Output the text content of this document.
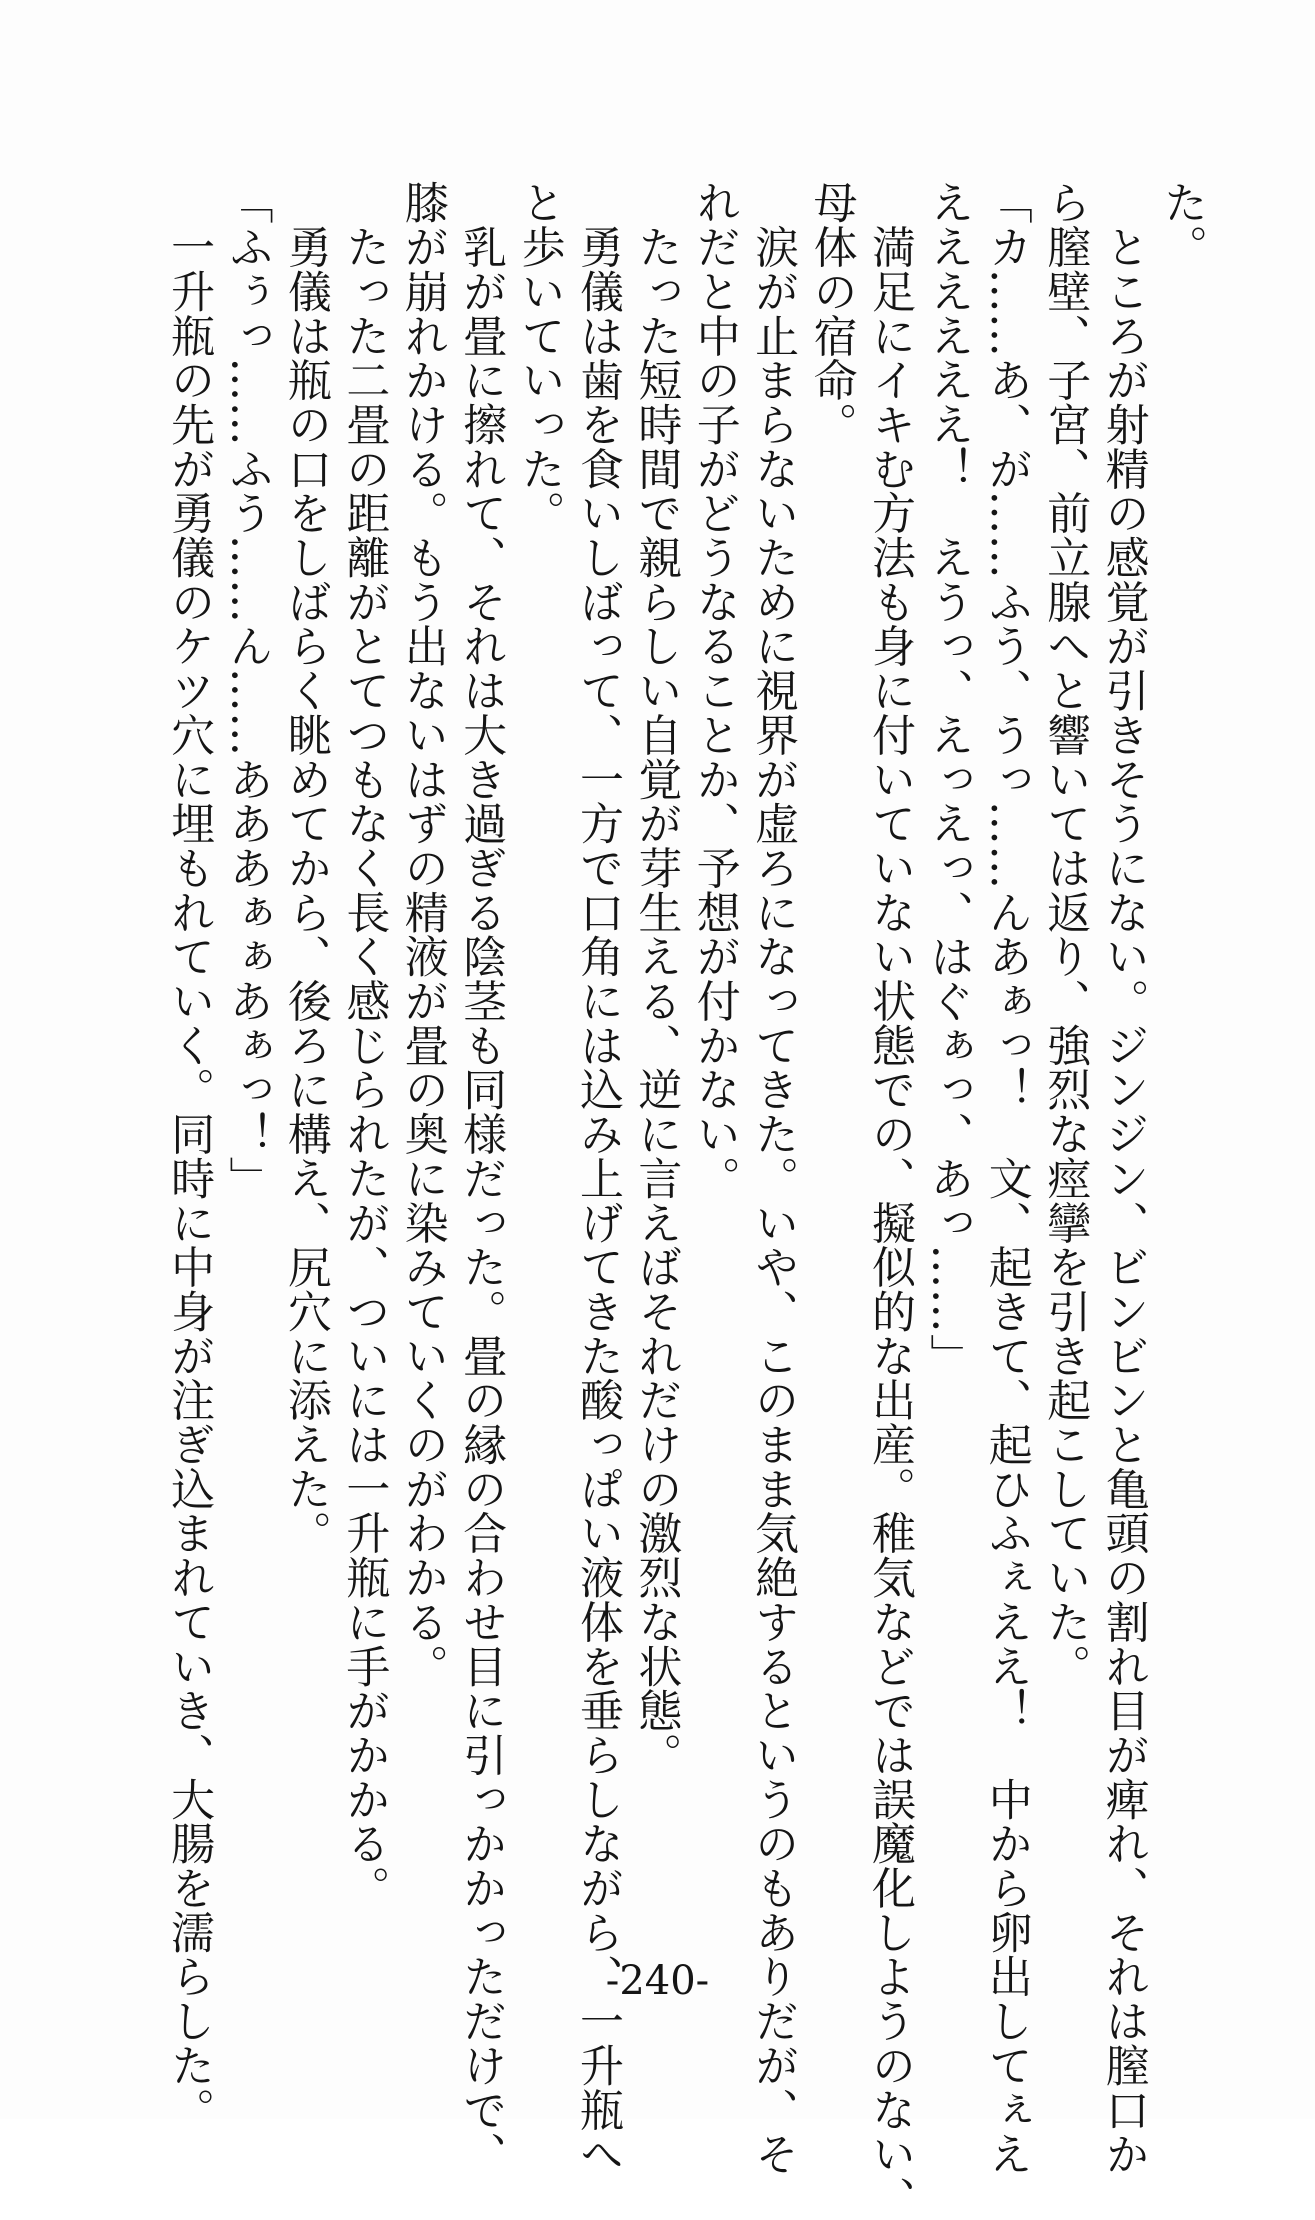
た。
　ところが射精の感覚が引きそうにない。ジンジン、ビンビンと亀頭の割れ目が痺れ、それは膣口か
ら膣壁、子宮、前立腺へと響いては返り、強烈な痙攣を引き起こしていた。
「カ……あ、が……ふう、うっ……んあぁっ！　文、起きて、起ひふぇええ！　中から卵出してぇえ
ええええええ！　えうっ、えっえっ、はぐぁっ、あっ……」
　満足にイキむ方法も身に付いていない状態での、擬似的な出産。稚気などでは誤魔化しようのない、
母体の宿命。
　涙が止まらないために視界が虚ろになってきた。いや、このまま気絶するというのもありだが、そ
れだと中の子がどうなることか、予想が付かない。
　たった短時間で親らしい自覚が芽生える、逆に言えばそれだけの激烈な状態。
　勇儀は歯を食いしばって、一方で口角には込み上げてきた酸っぱい液体を垂らしながら、一升瓶へ
と歩いていった。
　乳が畳に擦れて、それは大き過ぎる陰茎も同様だった。畳の縁の合わせ目に引っかかっただけで、
膝が崩れかける。もう出ないはずの精液が畳の奥に染みていくのがわかる。
　たった二畳の距離がとてつもなく長く感じられたが、ついには一升瓶に手がかかる。
　勇儀は瓶の口をしばらく眺めてから、後ろに構え、尻穴に添えた。
「ふぅっ……ふう……ん……あああぁぁあぁっ！」
　一升瓶の先が勇儀のケツ穴に埋もれていく。同時に中身が注ぎ込まれていき、大腸を濡らした。	-240-
